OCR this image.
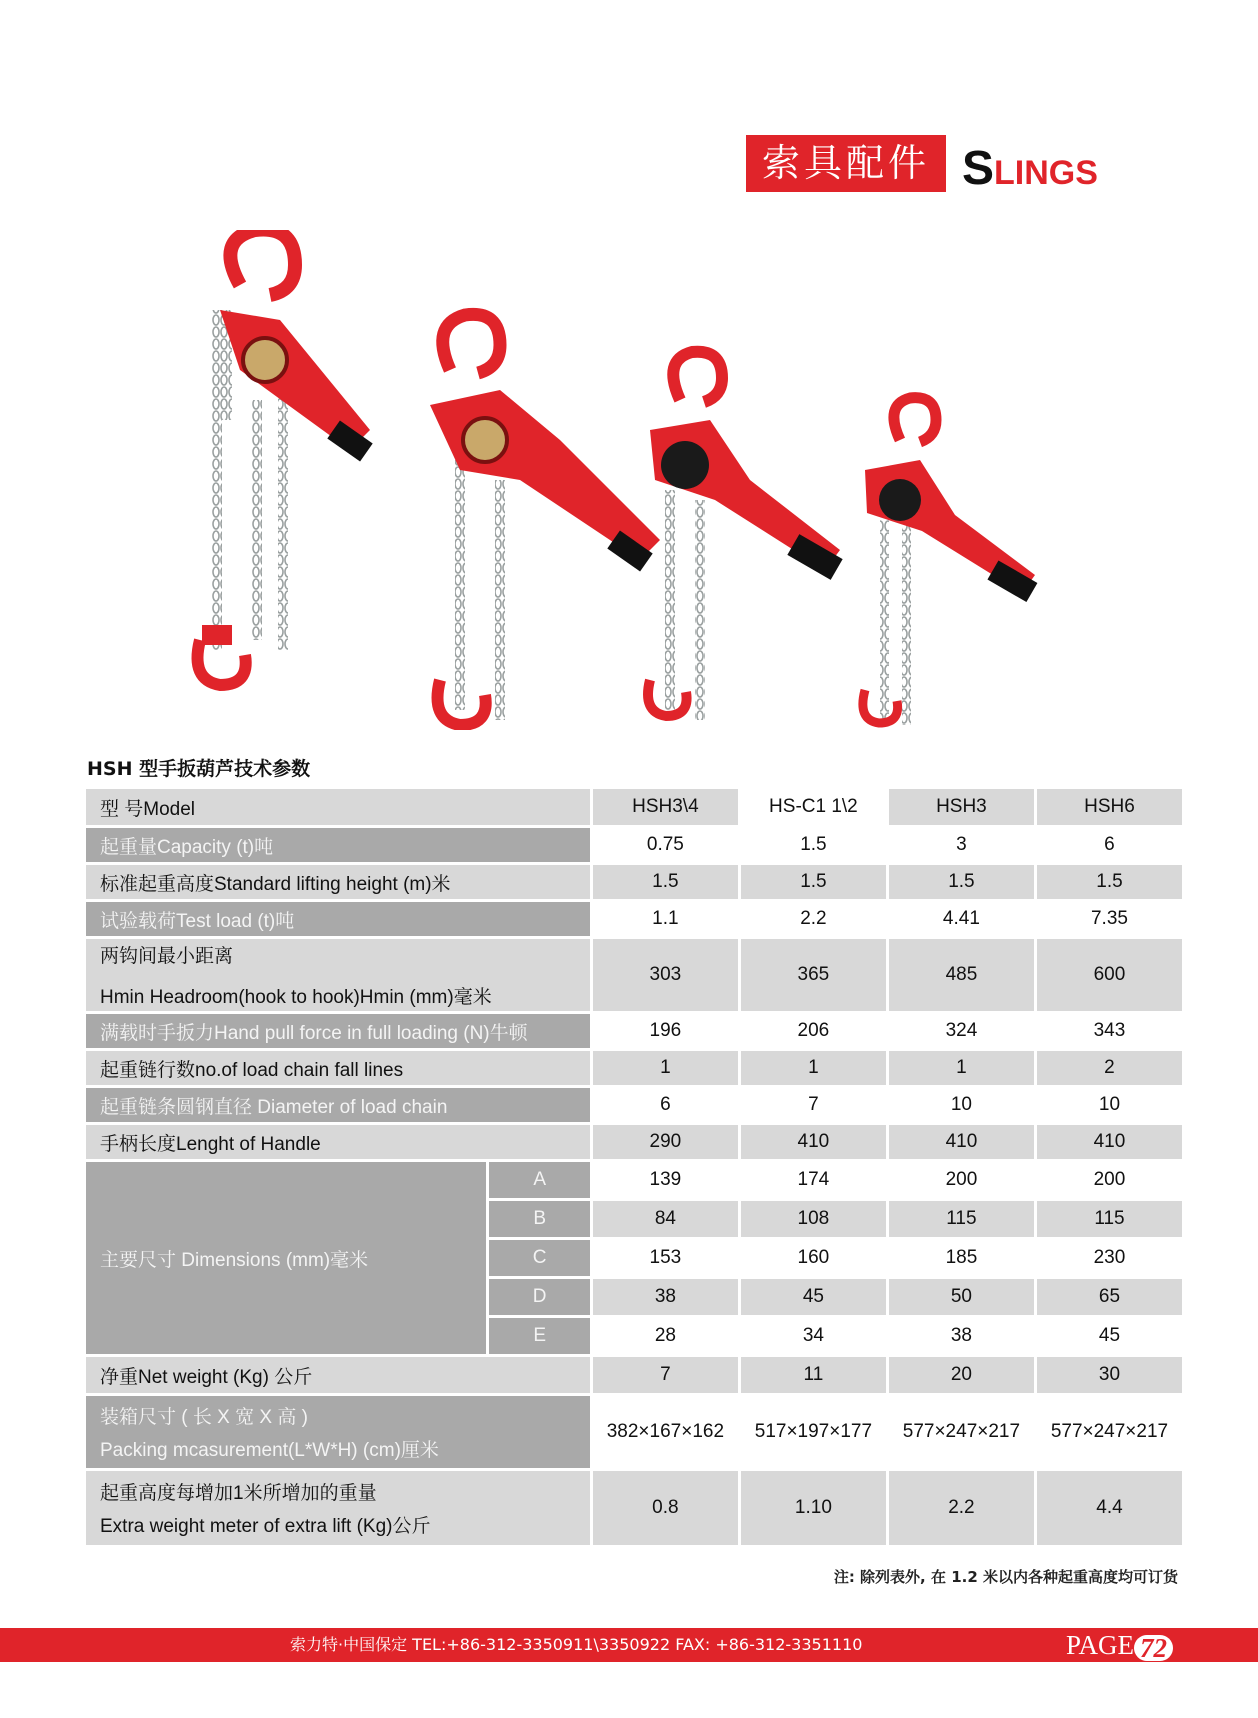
索具配件 SLINGS
HSH 型手扳葫芦技术参数
型 号Model		HSH3\4	HS-C1 1\2	HSH3	HSH6
起重量Capacity (t)吨		0.75	1.5	3	6
标准起重高度Standard lifting height (m)米		1.5	1.5	1.5	1.5
试验载荷Test load (t)吨		1.1	2.2	4.41	7.35

两钩间最小距离
Hmin Headroom(hook to hook)Hmin (mm)毫米		303	365	485	600
满载时手扳力Hand pull force in full loading (N)牛顿		196	206	324	343
起重链行数no.of load chain fall lines		1	1	1	2
起重链条圆钢直径 Diameter of load chain		6	7	10	10
手柄长度Lenght of Handle		290	410	410	410
主要尺寸 Dimensions (mm)毫米	A	139	174	200	200
	B	84	108	115	115
	C	153	160	185	230
	D	38	45	50	65
	E	28	34	38	45
净重Net weight (Kg) 公斤		7	11	20	30

装箱尺寸 ( 长 X 宽 X 高 )
Packing mcasurement(L*W*H) (cm)厘米		382×167×162	517×197×177	577×247×217	577×247×217

起重高度每增加1米所增加的重量
Extra weight meter of extra lift (Kg)公斤		0.8	1.10	2.2	4.4
注: 除列表外, 在 1.2 米以内各种起重高度均可订货
索力特·中国保定 TEL:+86-312-3350911\3350922 FAX: +86-312-3351110	PAGE 72
